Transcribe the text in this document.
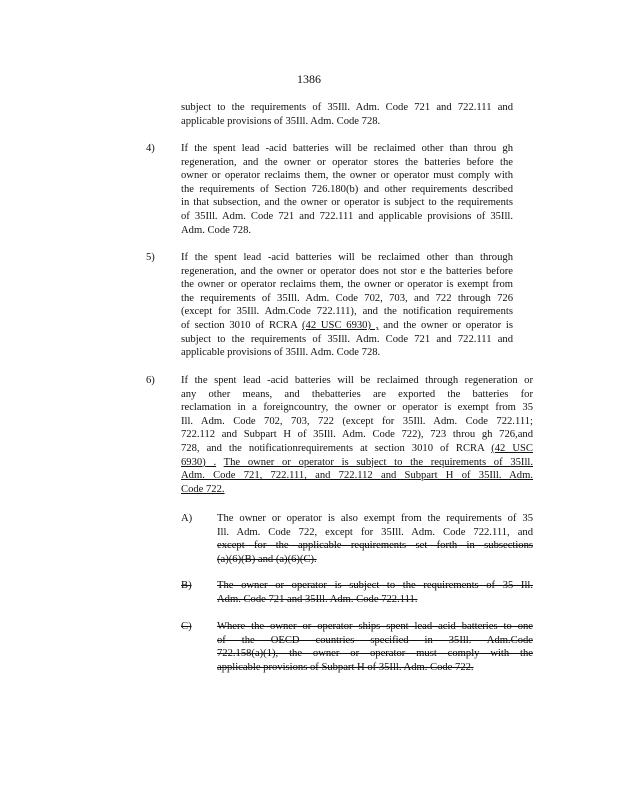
1386
subject to the requirements of 35Ill. Adm. Code 721 and 722.111 and
applicable provisions of 35Ill. Adm. Code 728.
4) If the spent lead -acid batteries will be reclaimed other than throu gh
regeneration, and the owner or operator stores the batteries before the
owner or operator reclaims them, the owner or operator must comply with
the requirements of Section 726.180(b) and other requirements described
in that subsection, and the owner or operator is subject to the requirements
of 35Ill. Adm. Code 721 and 722.111 and applicable provisions of 35Ill.
Adm. Code 728.
5) If the spent lead -acid batteries will be reclaimed other than through
regeneration, and the owner or operator does not stor e the batteries before
the owner or operator reclaims them, the owner or operator is exempt from
the requirements of 35Ill. Adm. Code 702, 703, and 722 through 726
(except for 35Ill. Adm.Code 722.111), and the notification requirements
of section 3010 of RCRA (42 USC 6930) , and the owner or operator is
subject to the requirements of 35Ill. Adm. Code 721 and 722.111 and
applicable provisions of 35Ill. Adm. Code 728.
6) If the spent lead -acid batteries will be reclaimed through regeneration or
any other means, and thebatteries are exported the batteries for
reclamation in a foreigncountry, the owner or operator is exempt from 35
Ill. Adm. Code 702, 703, 722 (except for 35Ill. Adm. Code 722.111;
722.112 and Subpart H of 35Ill. Adm. Code 722), 723 throu gh 726,and
728, and the notificationrequirements at section 3010 of RCRA (42 USC
6930) . The owner or operator is subject to the requirements of 35Ill.
Adm. Code 721, 722.111, and 722.112 and Subpart H of 35Ill. Adm.
Code 722.
A) The owner or operator is also exempt from the requirements of 35
Ill. Adm. Code 722, except for 35Ill. Adm. Code 722.111, and
except for the applicable requirements set forth in subsections
(a)(6)(B) and (a)(6)(C).
B) The owner or operator is subject to the requirements of 35 Ill.
Adm. Code 721 and 35Ill. Adm. Code 722.111.
C) Where the owner or operator ships spent lead acid batteries to one
of the OECD countries specified in 35Ill. Adm.Code
722.158(a)(1), the owner or operator must comply with the
applicable provisions of Subpart H of 35Ill. Adm. Code 722.
